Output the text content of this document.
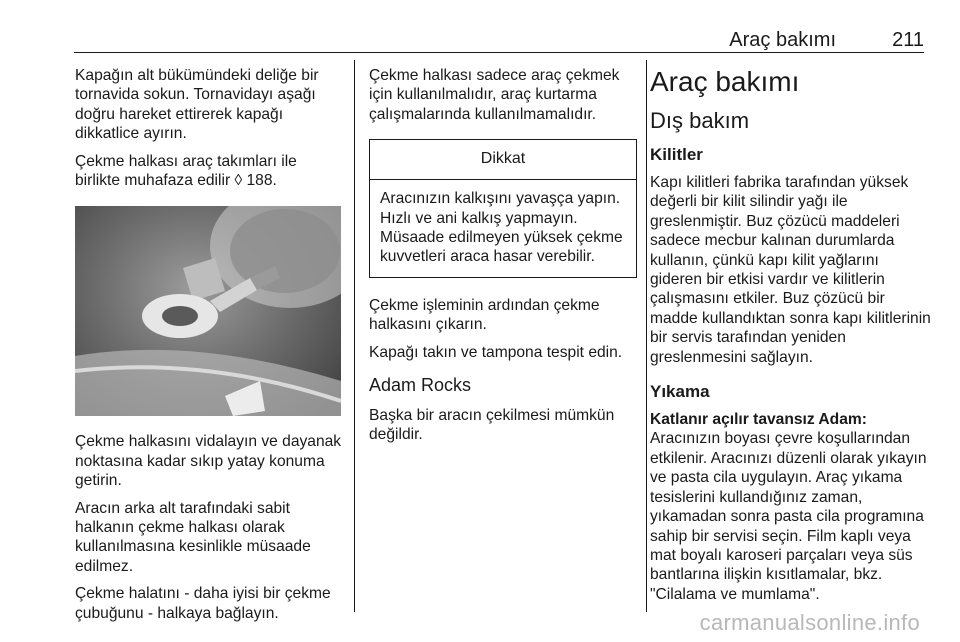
Araç bakımı	211

Kapağın alt bükümündeki deliğe bir tornavida sokun. Tornavidayı aşağı doğru hareket ettirerek kapağı dikkatlice ayırın.

Çekme halkası araç takımları ile birlikte muhafaza edilir ◊ 188.

Çekme halkasını vidalayın ve dayanak noktasına kadar sıkıp yatay konuma getirin.

Aracın arka alt tarafındaki sabit halkanın çekme halkası olarak kullanılmasına kesinlikle müsaade edilmez.

Çekme halatını - daha iyisi bir çekme çubuğunu - halkaya bağlayın.

Çekme halkası sadece araç çekmek için kullanılmalıdır, araç kurtarma çalışmalarında kullanılmamalıdır.

Dikkat
Aracınızın kalkışını yavaşça yapın. Hızlı ve ani kalkış yapmayın. Müsaade edilmeyen yüksek çekme kuvvetleri araca hasar verebilir.

Çekme işleminin ardından çekme halkasını çıkarın.

Kapağı takın ve tampona tespit edin.

Adam Rocks

Başka bir aracın çekilmesi mümkün değildir.

Araç bakımı
Dış bakım
Kilitler

Kapı kilitleri fabrika tarafından yüksek değerli bir kilit silindir yağı ile greslenmiştir. Buz çözücü maddeleri sadece mecbur kalınan durumlarda kullanın, çünkü kapı kilit yağlarını gideren bir etkisi vardır ve kilitlerin çalışmasını etkiler. Buz çözücü bir madde kullandıktan sonra kapı kilitlerinin bir servis tarafından yeniden greslenmesini sağlayın.

Yıkama

Katlanır açılır tavansız Adam:
Aracınızın boyası çevre koşullarından etkilenir. Aracınızı düzenli olarak yıkayın ve pasta cila uygulayın. Araç yıkama tesislerini kullandığınız zaman, yıkamadan sonra pasta cila programına sahip bir servisi seçin. Film kaplı veya mat boyalı karoseri parçaları veya süs bantlarına ilişkin kısıtlamalar, bkz. "Cilalama ve mumlama".

carmanualsonline.info
